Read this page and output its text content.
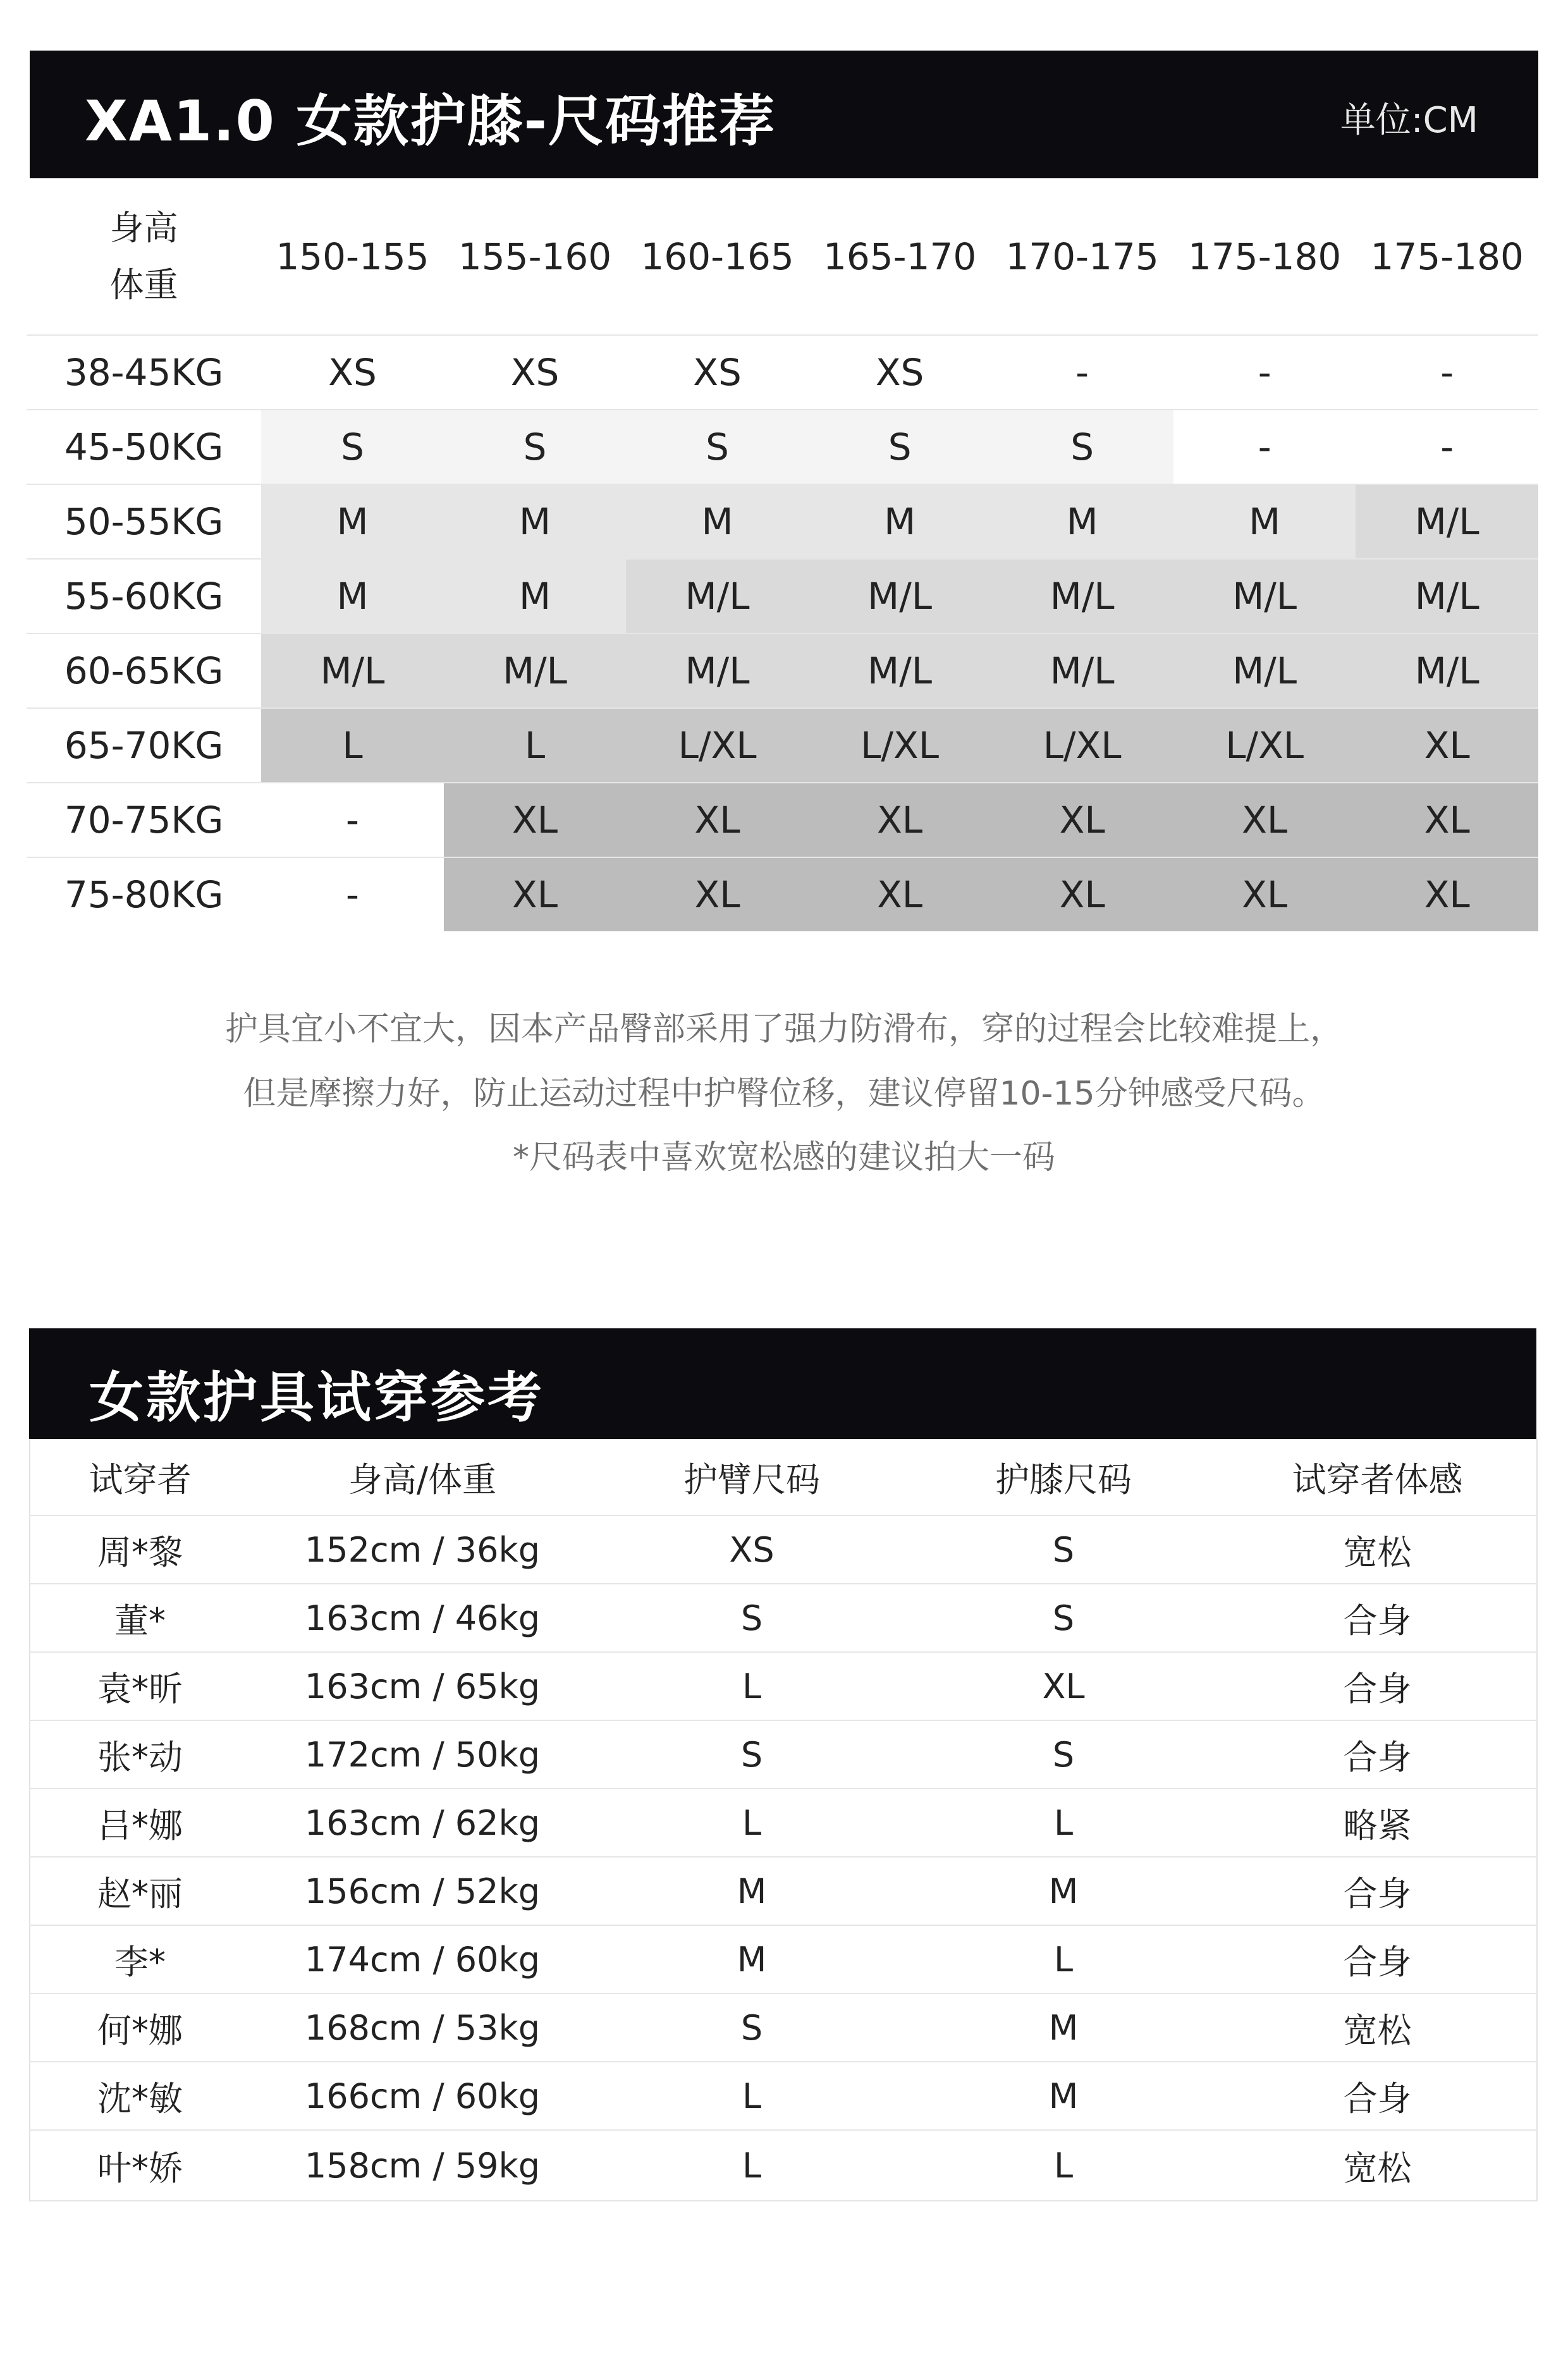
XA1.0 女款护膝-尺码推荐	单位:CM
身高
体重	150-155	155-160	160-165	165-170	170-175	175-180	175-180
38-45KG	XS	XS	XS	XS	-	-	-
45-50KG	S	S	S	S	S	-	-
50-55KG	M	M	M	M	M	M	M/L
55-60KG	M	M	M/L	M/L	M/L	M/L	M/L
60-65KG	M/L	M/L	M/L	M/L	M/L	M/L	M/L
65-70KG	L	L	L/XL	L/XL	L/XL	L/XL	XL
70-75KG	-	XL	XL	XL	XL	XL	XL
75-80KG	-	XL	XL	XL	XL	XL	XL
护具宜小不宜大，因本产品臀部采用了强力防滑布，穿的过程会比较难提上，
但是摩擦力好，防止运动过程中护臀位移，建议停留10-15分钟感受尺码。
*尺码表中喜欢宽松感的建议拍大一码
女款护具试穿参考
试穿者	身高/体重	护臂尺码	护膝尺码	试穿者体感
周*黎	152cm / 36kg	XS	S	宽松
董*	163cm / 46kg	S	S	合身
袁*昕	163cm / 65kg	L	XL	合身
张*动	172cm / 50kg	S	S	合身
吕*娜	163cm / 62kg	L	L	略紧
赵*丽	156cm / 52kg	M	M	合身
李*	174cm / 60kg	M	L	合身
何*娜	168cm / 53kg	S	M	宽松
沈*敏	166cm / 60kg	L	M	合身
叶*娇	158cm / 59kg	L	L	宽松
